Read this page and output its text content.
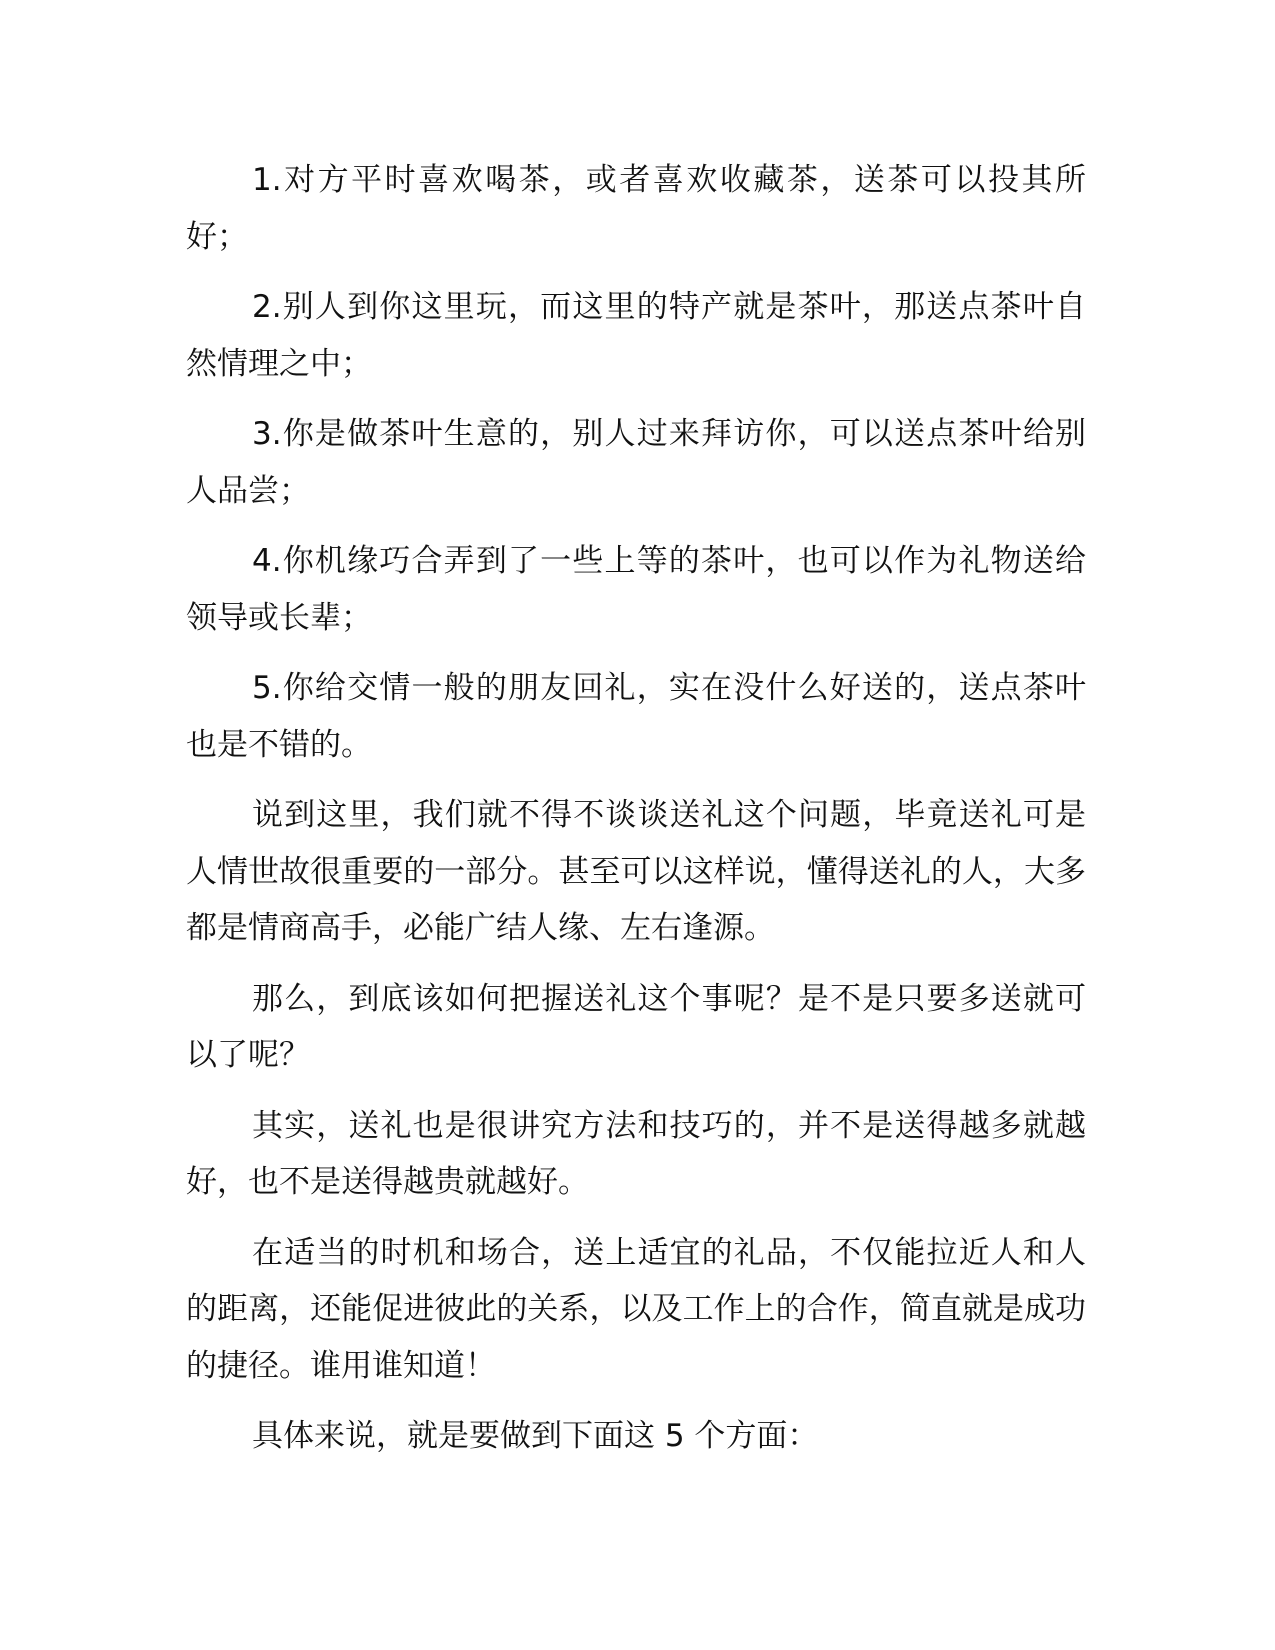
1.对方平时喜欢喝茶，或者喜欢收藏茶，送茶可以投其所好；

2.别人到你这里玩，而这里的特产就是茶叶，那送点茶叶自然情理之中；

3.你是做茶叶生意的，别人过来拜访你，可以送点茶叶给别人品尝；

4.你机缘巧合弄到了一些上等的茶叶，也可以作为礼物送给领导或长辈；

5.你给交情一般的朋友回礼，实在没什么好送的，送点茶叶也是不错的。

说到这里，我们就不得不谈谈送礼这个问题，毕竟送礼可是人情世故很重要的一部分。甚至可以这样说，懂得送礼的人，大多都是情商高手，必能广结人缘、左右逢源。

那么，到底该如何把握送礼这个事呢？是不是只要多送就可以了呢？

其实，送礼也是很讲究方法和技巧的，并不是送得越多就越好，也不是送得越贵就越好。

在适当的时机和场合，送上适宜的礼品，不仅能拉近人和人的距离，还能促进彼此的关系，以及工作上的合作，简直就是成功的捷径。谁用谁知道！

具体来说，就是要做到下面这 5 个方面：
